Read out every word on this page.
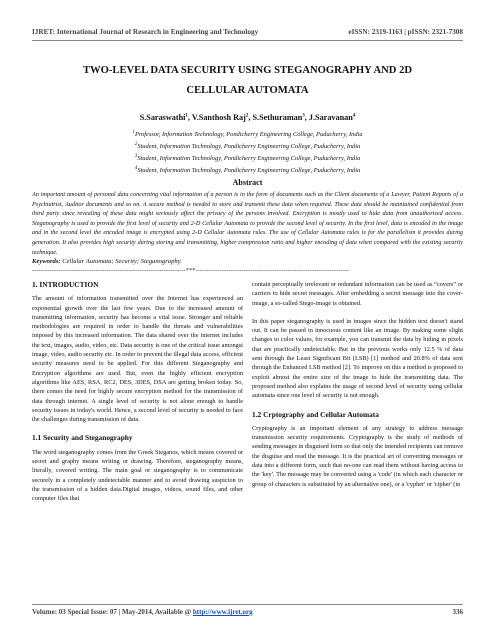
IJRET: International Journal of Research in Engineering and Technology	eISSN: 2319-1163 | pISSN: 2321-7308
TWO-LEVEL DATA SECURITY USING STEGANOGRAPHY AND 2D
CELLULAR AUTOMATA
S.Saraswathi$^1$, V.Santhosh Raj$^2$, S.Sethuraman$^3$, J.Saravanan$^4$
$^1$Professor, Information Technology, Pondicherry Engineering College, Puducherry, India
$^2$Student, Information Technology, Pondicherry Engineering College, Puducherry, India
$^3$Student, Information Technology, Pondicherry Engineering College, Puducherry, India
$^4$Student, Information Technology, Pondicherry Engineering College, Puducherry, India
Abstract
An important amount of personal data concerning vital information of a person is in the form of documents such as the Client documents of a Lawyer, Patient Reports of a Psychiatrist, Auditor documents and so on. A secure method is needed to store and transmit these data when required. These data should be maintained confidential from third party since revealing of these data might seriously affect the privacy of the persons involved. Encryption is mostly used to hide data from unauthorized access. Steganography is used to provide the first level of security and 2-D Cellular Automata to provide the second level of security. In the first level, data is encoded in the image and in the second level the encoded image is encrypted using 2-D Cellular Automata rules. The use of Cellular Automata rules is for the parallelism it provides during generation. It also provides high security during storing and transmitting, higher compression ratio and higher encoding of data when compared with the existing security technique.
Keywords: Cellular Automata; Security; Steganography.
----------------------------------------------------------------------***----------------------------------------------------------------------
1. INTRODUCTION

The amount of information transmitted over the Internet has experienced an exponential growth over the last few years. Due to the increased amount of transmitting information, security has become a vital issue. Stronger and reliable methodologies are required in order to handle the threats and vulnerabilities imposed by this increased information. The data shared over the internet includes the text, images, audio, video, etc. Data security is one of the critical issue amongst image, video, audio security etc. In order to prevent the illegal data access, efficient security measures need to be applied. For this different Steganography and Encryption algorithms are used. But, even the highly efficient encryption algorithms like AES, RSA, RC2, DES, 3DES, DSA are getting broken today. So, there comes the need for highly secure encryption method for the transmission of data through internet. A single level of security is not alone enough to handle security issues in today's world. Hence, a second level of security is needed to face the challenges during transmission of data.

1.1 Security and Steganography

The word steganography comes from the Greek Steganos, which means covered or secret and graphy means writing or drawing. Therefore, steganography means, literally, covered writing. The main goal or steganography is to communicate securely in a completely undetectable manner and to avoid drawing suspicion to the transmission of a hidden data.Digital images, videos, sound files, and other computer files that

contain perceptually irrelevant or redundant information can be used as “covers” or carriers to hide secret messages. After embedding a secret message into the cover-image, a so-called Stego-image is obtained.

In this paper steganography is used in images since the hidden text doesn't stand out. It can be passed in innocuous content like an image. By making some slight changes to color values, for example, you can transmit the data by hiding in pixels that are practically undetectable. But in the previous works only 12.5 % of data sent through the Least Significant Bit (LSB) [1] method and 20.8% of data sent through the Enhanced LSB method [2]. To improve on this a method is proposed to exploit almost the entire size of the image to hide the transmitting data. The proposed method also explains the usage of second level of security using cellular automata since one level of security is not enough.

1.2 Crptography and Cellular Automata

Cryptography is an important element of any strategy to address message transmission security requirements. Cryptography is the study of methods of sending messages in disguised form so that only the intended recipients can remove the disguise and read the message. It is the practical art of converting messages or data into a different form, such that no-one can read them without having access to the 'key'. The message may be converted using a 'code' (in which each character or group of characters is substituted by an alternative one), or a 'cypher' or 'cipher' (in

Volume: 03 Special Issue: 07 | May-2014, Available @ http://www.ijret.org	336
